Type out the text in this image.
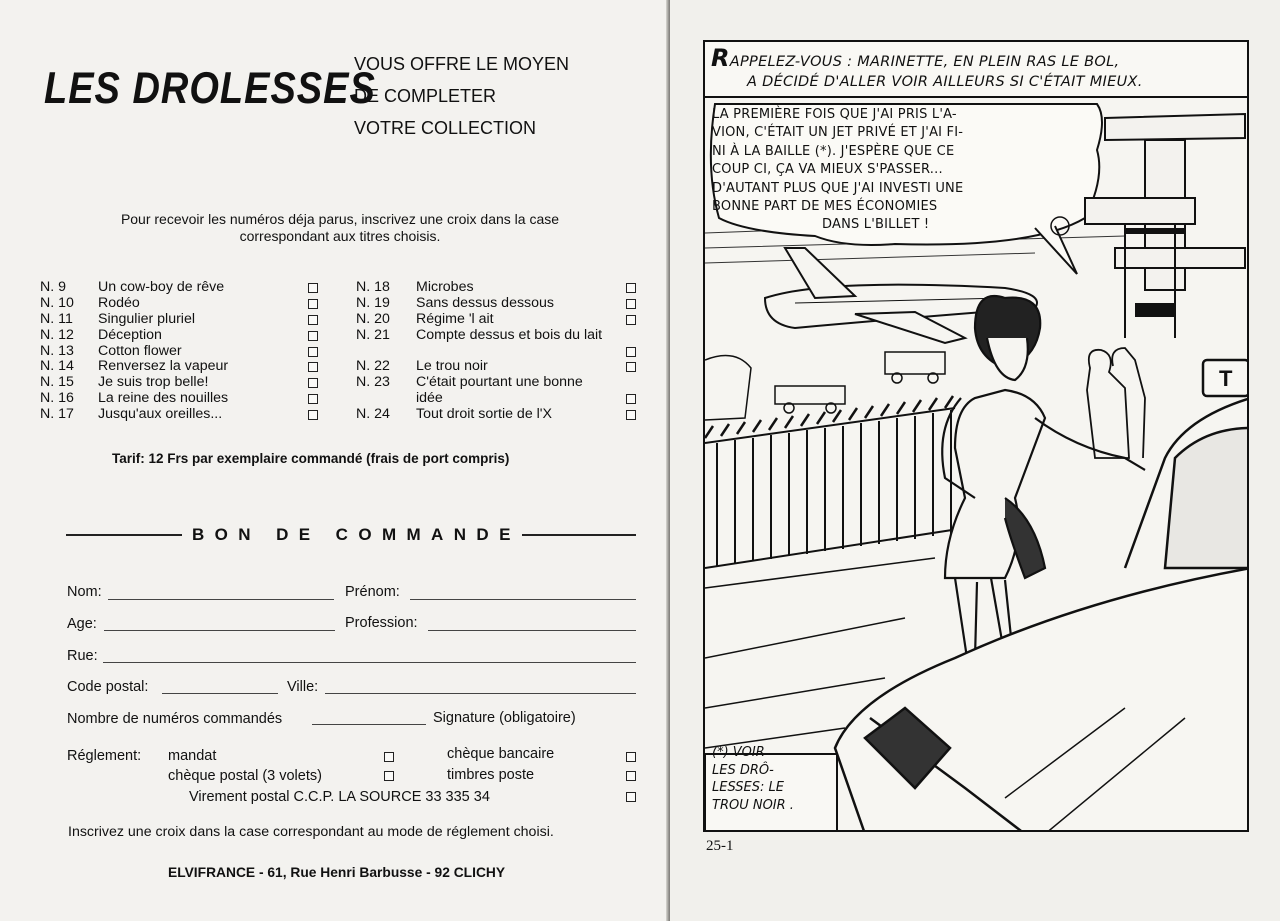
LES DROLESSES
VOUS OFFRE LE MOYEN
DE COMPLETER
VOTRE COLLECTION
Pour recevoir les numéros déja parus, inscrivez une croix dans la case
correspondant aux titres choisis.
N. 9 Un cow-boy de rêve
N. 10 Rodéo
N. 11 Singulier pluriel
N. 12 Déception
N. 13 Cotton flower
N. 14 Renversez la vapeur
N. 15 Je suis trop belle!
N. 16 La reine des nouilles
N. 17 Jusqu'aux oreilles...
N. 18 Microbes
N. 19 Sans dessus dessous
N. 20 Régime 'l ait
N. 21 Compte dessus et bois du lait
N. 22 Le trou noir
N. 23 C'était pourtant une bonne idée
N. 24 Tout droit sortie de l'X
Tarif: 12 Frs par exemplaire commandé (frais de port compris)
BON DE COMMANDE
Nom:	Prénom:
Age:	Profession:
Rue:
Code postal:	Ville:
Nombre de numéros commandés	Signature (obligatoire)
Réglement: mandat	chèque bancaire
chèque postal (3 volets)	timbres poste
Virement postal C.C.P. LA SOURCE 33 335 34
Inscrivez une croix dans la case correspondant au mode de réglement choisi.
ELVIFRANCE - 61, Rue Henri Barbusse - 92 CLICHY
RAPPELEZ-VOUS : MARINETTE, EN PLEIN RAS LE BOL,
A DÉCIDÉ D'ALLER VOIR AILLEURS SI C'ÉTAIT MIEUX.
T
LA PREMIÈRE FOIS QUE J'AI PRIS L'A-
VION, C'ÉTAIT UN JET PRIVÉ ET J'AI FI-
NI À LA BAILLE (*). J'ESPÈRE QUE CE
COUP CI, ÇA VA MIEUX S'PASSER...
D'AUTANT PLUS QUE J'AI INVESTI UNE
BONNE PART DE MES ÉCONOMIES
DANS L'BILLET !
(*) VOIR
LES DRÔ-
LESSES: LE
TROU NOIR .
25-1
